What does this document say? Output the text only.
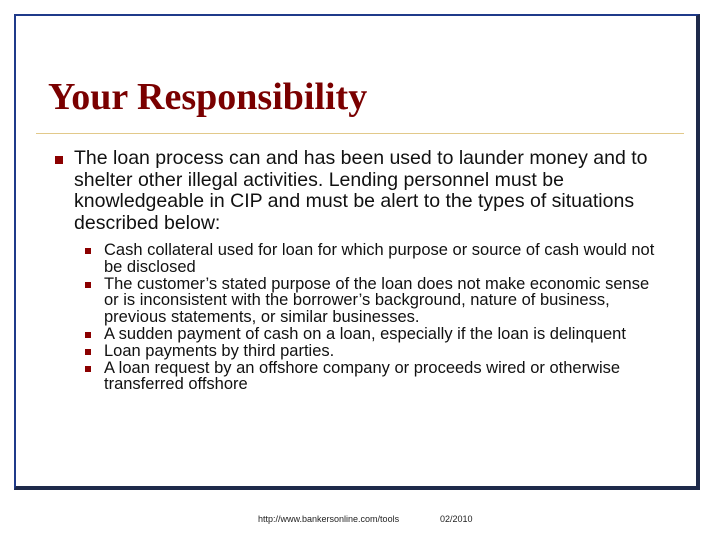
Your Responsibility
The loan process can and has been used to launder money and to shelter other illegal activities. Lending personnel must be knowledgeable in CIP and must be alert to the types of situations described below:
Cash collateral used for loan for which purpose or source of cash would not be disclosed
The customer’s stated purpose of the loan does not make economic sense or is inconsistent with the borrower’s background, nature of business, previous statements, or similar businesses.
A sudden payment of cash on a loan, especially if the loan is delinquent
Loan payments by third parties.
A loan request by an offshore company or proceeds wired or otherwise transferred offshore
http://www.bankersonline.com/tools	02/2010
